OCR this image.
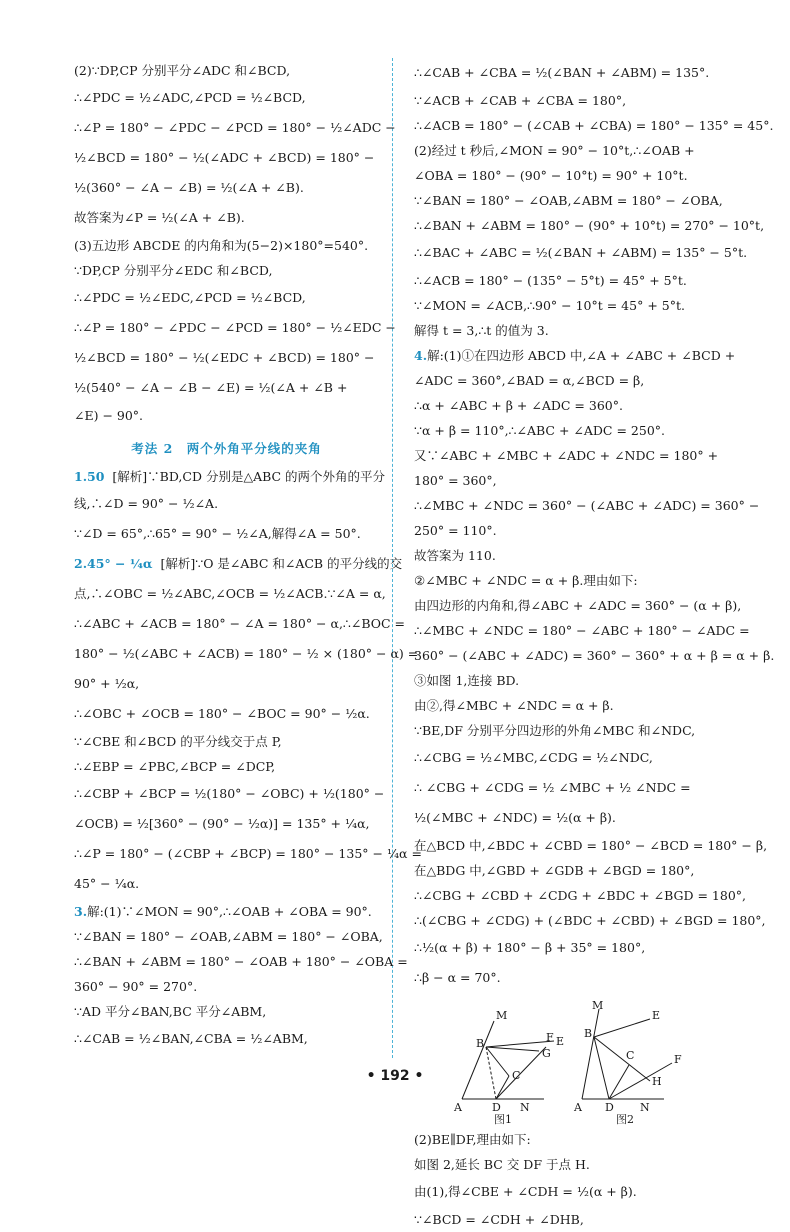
(2)∵DP,CP 分别平分∠ADC 和∠BCD,
∴∠PDC = ½∠ADC,∠PCD = ½∠BCD,
∴∠P = 180° − ∠PDC − ∠PCD = 180° − ½∠ADC −
½∠BCD = 180° − ½(∠ADC + ∠BCD) = 180° −
½(360° − ∠A − ∠B) = ½(∠A + ∠B).
故答案为∠P = ½(∠A + ∠B).
(3)五边形 ABCDE 的内角和为(5−2)×180°=540°.
∵DP,CP 分别平分∠EDC 和∠BCD,
∴∠PDC = ½∠EDC,∠PCD = ½∠BCD,
∴∠P = 180° − ∠PDC − ∠PCD = 180° − ½∠EDC −
½∠BCD = 180° − ½(∠EDC + ∠BCD) = 180° −
½(540° − ∠A − ∠B − ∠E) = ½(∠A + ∠B +
∠E) − 90°.
考法 2　两个外角平分线的夹角
1.50 [解析]∵BD,CD 分别是△ABC 的两个外角的平分
线,∴∠D = 90° − ½∠A.
∵∠D = 65°,∴65° = 90° − ½∠A,解得∠A = 50°.
2.45° − ¼α [解析]∵O 是∠ABC 和∠ACB 的平分线的交
点,∴∠OBC = ½∠ABC,∠OCB = ½∠ACB.∵∠A = α,
∴∠ABC + ∠ACB = 180° − ∠A = 180° − α,∴∠BOC =
180° − ½(∠ABC + ∠ACB) = 180° − ½ × (180° − α) =
90° + ½α,
∴∠OBC + ∠OCB = 180° − ∠BOC = 90° − ½α.
∵∠CBE 和∠BCD 的平分线交于点 P,
∴∠EBP = ∠PBC,∠BCP = ∠DCP,
∴∠CBP + ∠BCP = ½(180° − ∠OBC) + ½(180° −
∠OCB) = ½[360° − (90° − ½α)] = 135° + ¼α,
∴∠P = 180° − (∠CBP + ∠BCP) = 180° − 135° − ¼α =
45° − ¼α.
3.解:(1)∵∠MON = 90°,∴∠OAB + ∠OBA = 90°.
∵∠BAN = 180° − ∠OAB,∠ABM = 180° − ∠OBA,
∴∠BAN + ∠ABM = 180° − ∠OAB + 180° − ∠OBA =
360° − 90° = 270°.
∵AD 平分∠BAN,BC 平分∠ABM,
∴∠CAB = ½∠BAN,∠CBA = ½∠ABM,
∴∠CAB + ∠CBA = ½(∠BAN + ∠ABM) = 135°.
∵∠ACB + ∠CAB + ∠CBA = 180°,
∴∠ACB = 180° − (∠CAB + ∠CBA) = 180° − 135° = 45°.
(2)经过 t 秒后,∠MON = 90° − 10°t,∴∠OAB +
∠OBA = 180° − (90° − 10°t) = 90° + 10°t.
∵∠BAN = 180° − ∠OAB,∠ABM = 180° − ∠OBA,
∴∠BAN + ∠ABM = 180° − (90° + 10°t) = 270° − 10°t,
∴∠BAC + ∠ABC = ½(∠BAN + ∠ABM) = 135° − 5°t.
∴∠ACB = 180° − (135° − 5°t) = 45° + 5°t.
∵∠MON = ∠ACB,∴90° − 10°t = 45° + 5°t.
解得 t = 3,∴t 的值为 3.
4.解:(1)①在四边形 ABCD 中,∠A + ∠ABC + ∠BCD +
∠ADC = 360°,∠BAD = α,∠BCD = β,
∴α + ∠ABC + β + ∠ADC = 360°.
∵α + β = 110°,∴∠ABC + ∠ADC = 250°.
又∵∠ABC + ∠MBC + ∠ADC + ∠NDC = 180° +
180° = 360°,
∴∠MBC + ∠NDC = 360° − (∠ABC + ∠ADC) = 360° −
250° = 110°.
故答案为 110.
②∠MBC + ∠NDC = α + β.理由如下:
由四边形的内角和,得∠ABC + ∠ADC = 360° − (α + β),
∴∠MBC + ∠NDC = 180° − ∠ABC + 180° − ∠ADC =
360° − (∠ABC + ∠ADC) = 360° − 360° + α + β = α + β.
③如图 1,连接 BD.
由②,得∠MBC + ∠NDC = α + β.
∵BE,DF 分别平分四边形的外角∠MBC 和∠NDC,
∴∠CBG = ½∠MBC,∠CDG = ½∠NDC,
∴ ∠CBG + ∠CDG = ½ ∠MBC + ½ ∠NDC =
½(∠MBC + ∠NDC) = ½(α + β).
在△BCD 中,∠BDC + ∠CBD = 180° − ∠BCD = 180° − β,
在△BDG 中,∠GBD + ∠GDB + ∠BGD = 180°,
∴∠CBG + ∠CBD + ∠CDG + ∠BDC + ∠BGD = 180°,
∴(∠CBG + ∠CDG) + (∠BDC + ∠CBD) + ∠BGD = 180°,
∴½(α + β) + 180° − β + 35° = 180°,
∴β − α = 70°.
M
B	F E
G
C
A	D N
图1
M
E
B
C	F
H
A D N
图2
(2)BE∥DF,理由如下:
如图 2,延长 BC 交 DF 于点 H.
由(1),得∠CBE + ∠CDH = ½(α + β).
∵∠BCD = ∠CDH + ∠DHB,
• 192 •
